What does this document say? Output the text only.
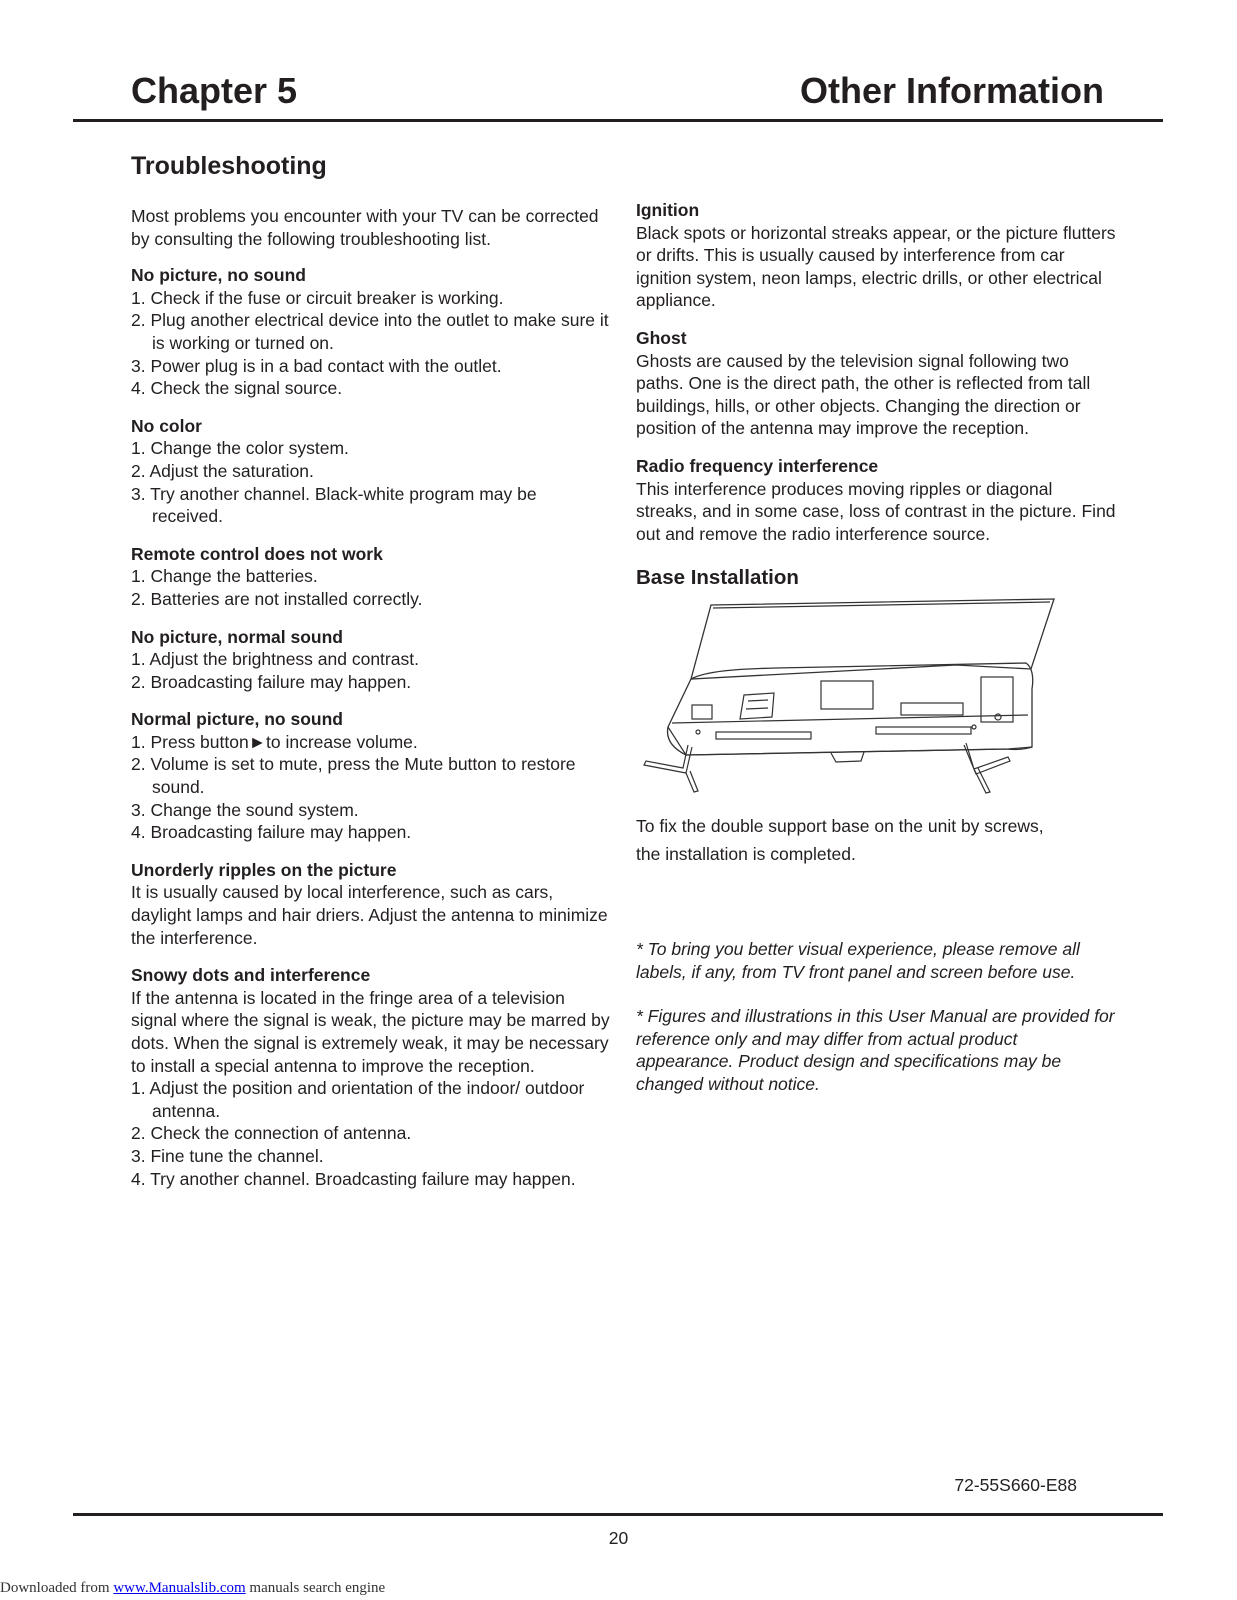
Chapter 5	Other Information
Troubleshooting

Most problems you encounter with your TV can be corrected by consulting the following troubleshooting list.

No picture, no sound
1. Check if the fuse or circuit breaker is working.
2. Plug another electrical device into the outlet to make sure it is working or turned on.
3. Power plug is in a bad contact with the outlet.
4. Check the signal source.
No color
1. Change the color system.
2. Adjust the saturation.
3. Try another channel. Black-white program may be received.
Remote control does not work
1. Change the batteries.
2. Batteries are not installed correctly.
No picture, normal sound
1. Adjust the brightness and contrast.
2. Broadcasting failure may happen.
Normal picture, no sound
1. Press button►to increase volume.
2. Volume is set to mute, press the Mute button to restore sound.
3. Change the sound system.
4. Broadcasting failure may happen.
Unorderly ripples on the picture

It is usually caused by local interference, such as cars, daylight lamps and hair driers. Adjust the antenna to minimize the interference.

Snowy dots and interference

If the antenna is located in the fringe area of a television signal where the signal is weak, the picture may be marred by dots. When the signal is extremely weak, it may be necessary to install a special antenna to improve the reception.

1. Adjust the position and orientation of the indoor/ outdoor antenna.
2. Check the connection of antenna.
3. Fine tune the channel.
4. Try another channel. Broadcasting failure may happen.
Ignition

Black spots or horizontal streaks appear, or the picture flutters or drifts. This is usually caused by interference from car ignition system, neon lamps, electric drills, or other electrical appliance.

Ghost

Ghosts are caused by the television signal following two paths. One is the direct path, the other is reflected from tall buildings, hills, or other objects. Changing the direction or position of the antenna may improve the reception.

Radio frequency interference

This interference produces moving ripples or diagonal streaks, and in some case, loss of contrast in the picture. Find out and remove the radio interference source.

Base Installation

To fix the double support base on the unit by screws,

the installation is completed.

* To bring you better visual experience, please remove all labels, if any, from TV front panel and screen before use.

* Figures and illustrations in this User Manual are provided for reference only and may differ from actual product appearance. Product design and specifications may be changed without notice.

72-55S660-E88
20
Downloaded from www.Manualslib.com manuals search engine
